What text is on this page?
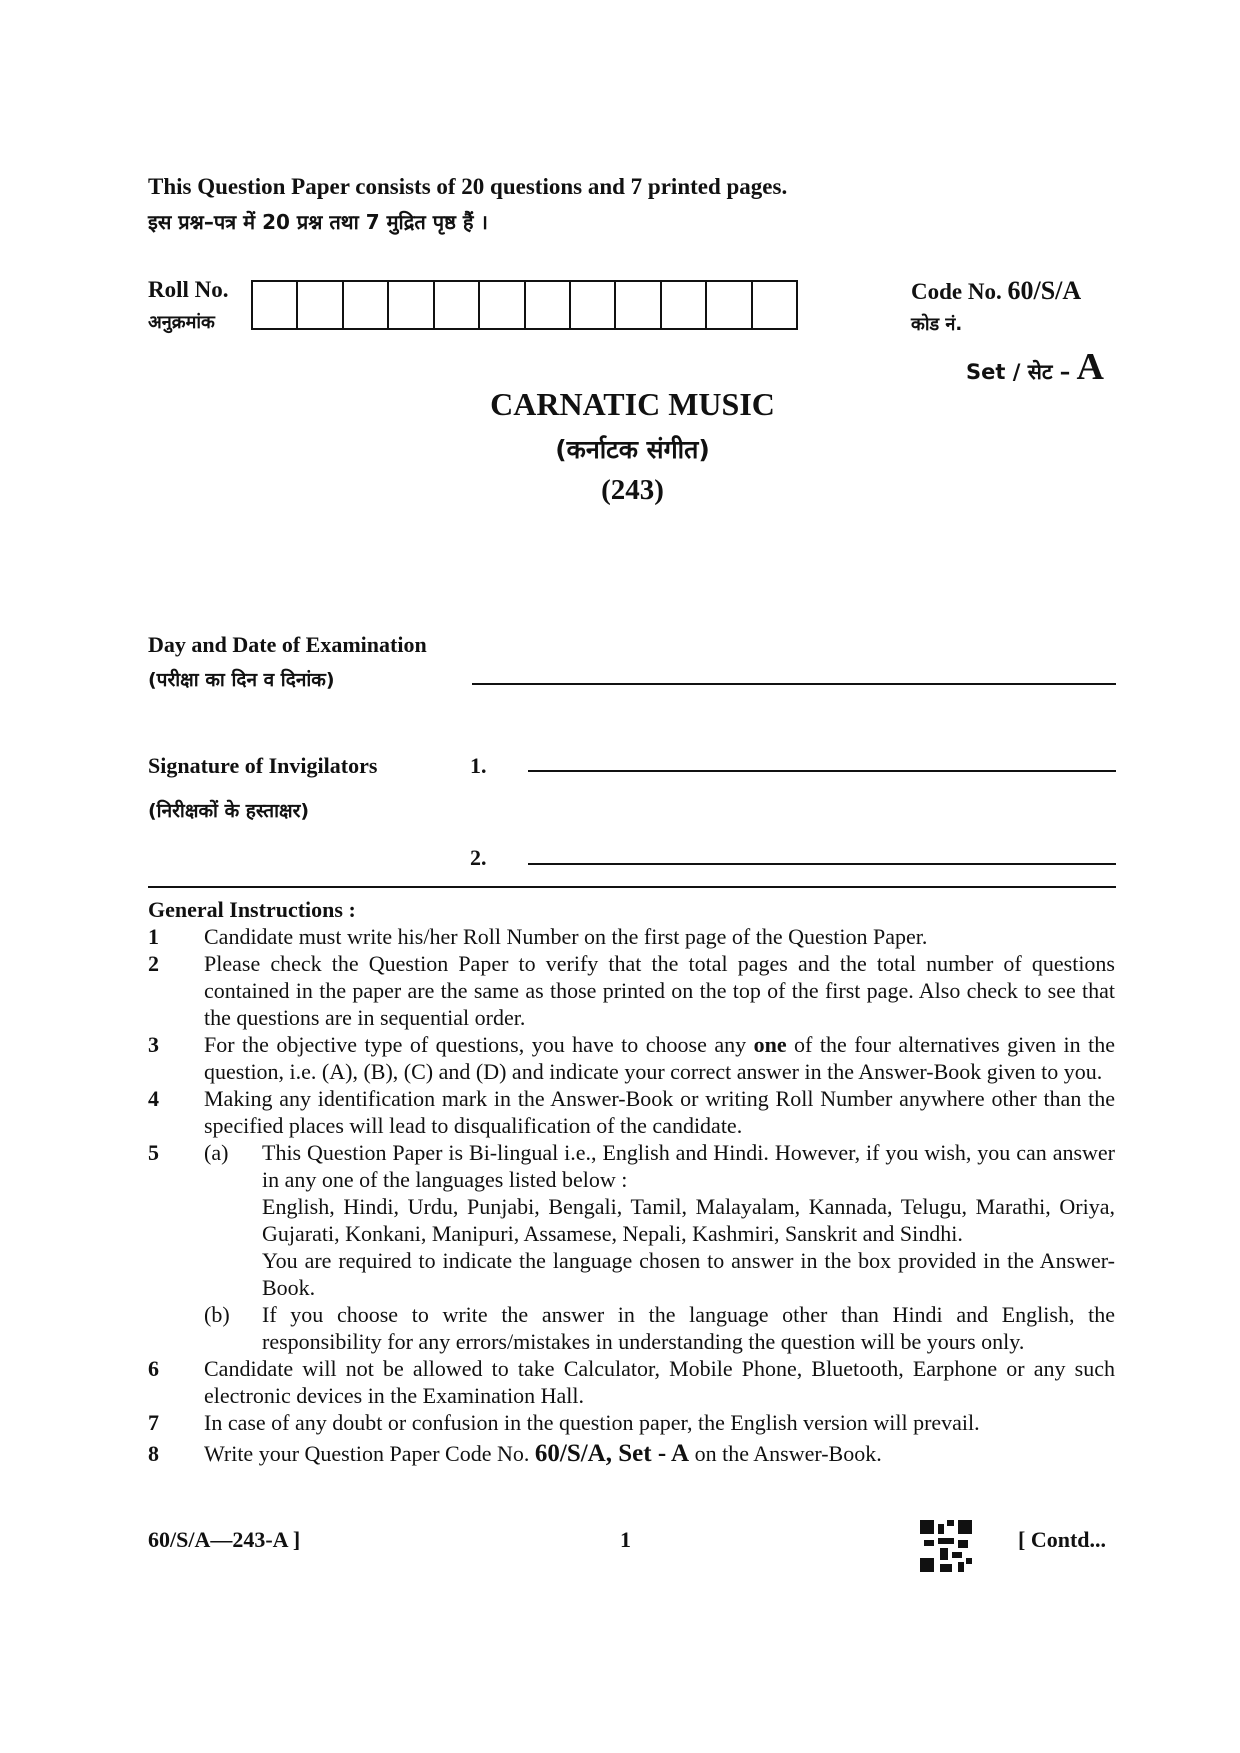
This Question Paper consists of 20 questions and 7 printed pages.
इस प्रश्न–पत्र में 20 प्रश्न तथा 7 मुद्रित पृष्ठ हैं ।
Roll No.
अनुक्रमांक
Code No. 60/S/A
कोड नं.
Set / सेट – A
CARNATIC MUSIC
(कर्नाटक संगीत)
(243)
Day and Date of Examination
(परीक्षा का दिन व दिनांक)
Signature of Invigilators
(निरीक्षकों के हस्ताक्षर)
1.
2.
General Instructions :
1	Candidate must write his/her Roll Number on the first page of the Question Paper.
2	Please check the Question Paper to verify that the total pages and the total number of questions contained in the paper are the same as those printed on the top of the first page. Also check to see that the questions are in sequential order.
3	For the objective type of questions, you have to choose any one of the four alternatives given in the question, i.e. (A), (B), (C) and (D) and indicate your correct answer in the Answer-Book given to you.
4	Making any identification mark in the Answer-Book or writing Roll Number anywhere other than the specified places will lead to disqualification of the candidate.
5	(a)	This Question Paper is Bi-lingual i.e., English and Hindi. However, if you wish, you can answer in any one of the languages listed below :
English, Hindi, Urdu, Punjabi, Bengali, Tamil, Malayalam, Kannada, Telugu, Marathi, Oriya, Gujarati, Konkani, Manipuri, Assamese, Nepali, Kashmiri, Sanskrit and Sindhi.
You are required to indicate the language chosen to answer in the box provided in the Answer-Book.
(b)	If you choose to write the answer in the language other than Hindi and English, the responsibility for any errors/mistakes in understanding the question will be yours only.
6	Candidate will not be allowed to take Calculator, Mobile Phone, Bluetooth, Earphone or any such electronic devices in the Examination Hall.
7	In case of any doubt or confusion in the question paper, the English version will prevail.
8	Write your Question Paper Code No. 60/S/A, Set - A on the Answer-Book.
60/S/A—243-A ]	1	[ Contd...
